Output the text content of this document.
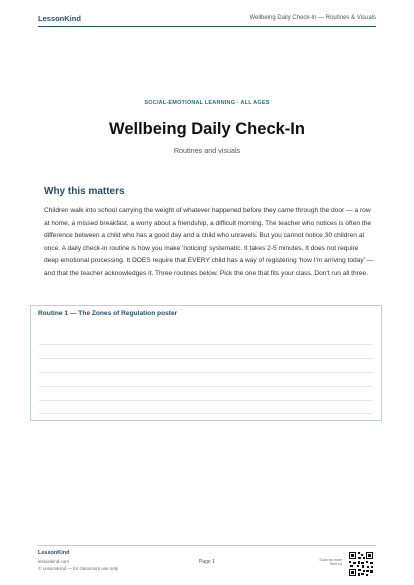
LessonKind	Wellbeing Daily Check-In — Routines & Visuals
SOCIAL-EMOTIONAL LEARNING · ALL AGES
Wellbeing Daily Check-In
Routines and visuals
Why this matters

Children walk into school carrying the weight of whatever happened before they came through the door — a row at home, a missed breakfast, a worry about a friendship, a difficult morning. The teacher who notices is often the difference between a child who has a good day and a child who unravels. But you cannot notice 30 children at once. A daily check-in routine is how you make 'noticing' systematic. It takes 2-5 minutes. It does not require deep emotional processing. It DOES require that EVERY child has a way of registering 'how I'm arriving today' — and that the teacher acknowledges it. Three routines below. Pick the one that fits your class. Don't run all three.

Routine 1 — The Zones of Regulation poster
LessonKind
lessonkind.com
© LessonKind — for classroom use only
Page 1	Scan for more from us
